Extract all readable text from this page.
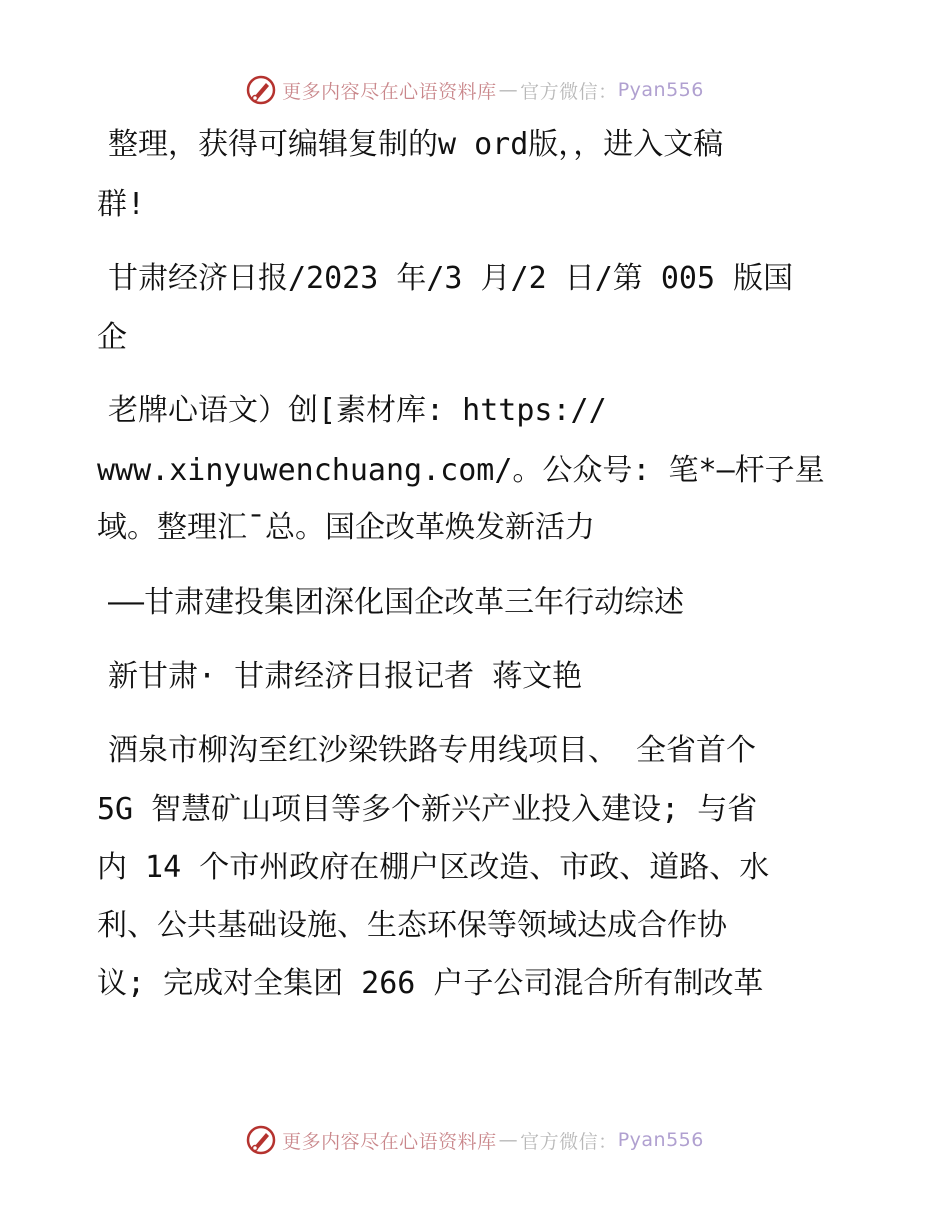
更多内容尽在心语资料库 — 官方微信： Pyan556
整理，获得可编辑复制的w ord版，，进入文稿
群!
甘肃经济日报/2023 年/3 月/2 日/第 005 版国
企
老牌心语文）创[素材库: https://
www.xinyuwenchuang.com/。公众号: 笔*—杆子星
域。整理汇¯总。国企改革焕发新活力
——甘肃建投集团深化国企改革三年行动综述
新甘肃· 甘肃经济日报记者 蒋文艳
酒泉市柳沟至红沙梁铁路专用线项目、 全省首个
5G 智慧矿山项目等多个新兴产业投入建设; 与省
内 14 个市州政府在棚户区改造、市政、道路、水
利、公共基础设施、生态环保等领域达成合作协
议; 完成对全集团 266 户子公司混合所有制改革
更多内容尽在心语资料库 — 官方微信： Pyan556
